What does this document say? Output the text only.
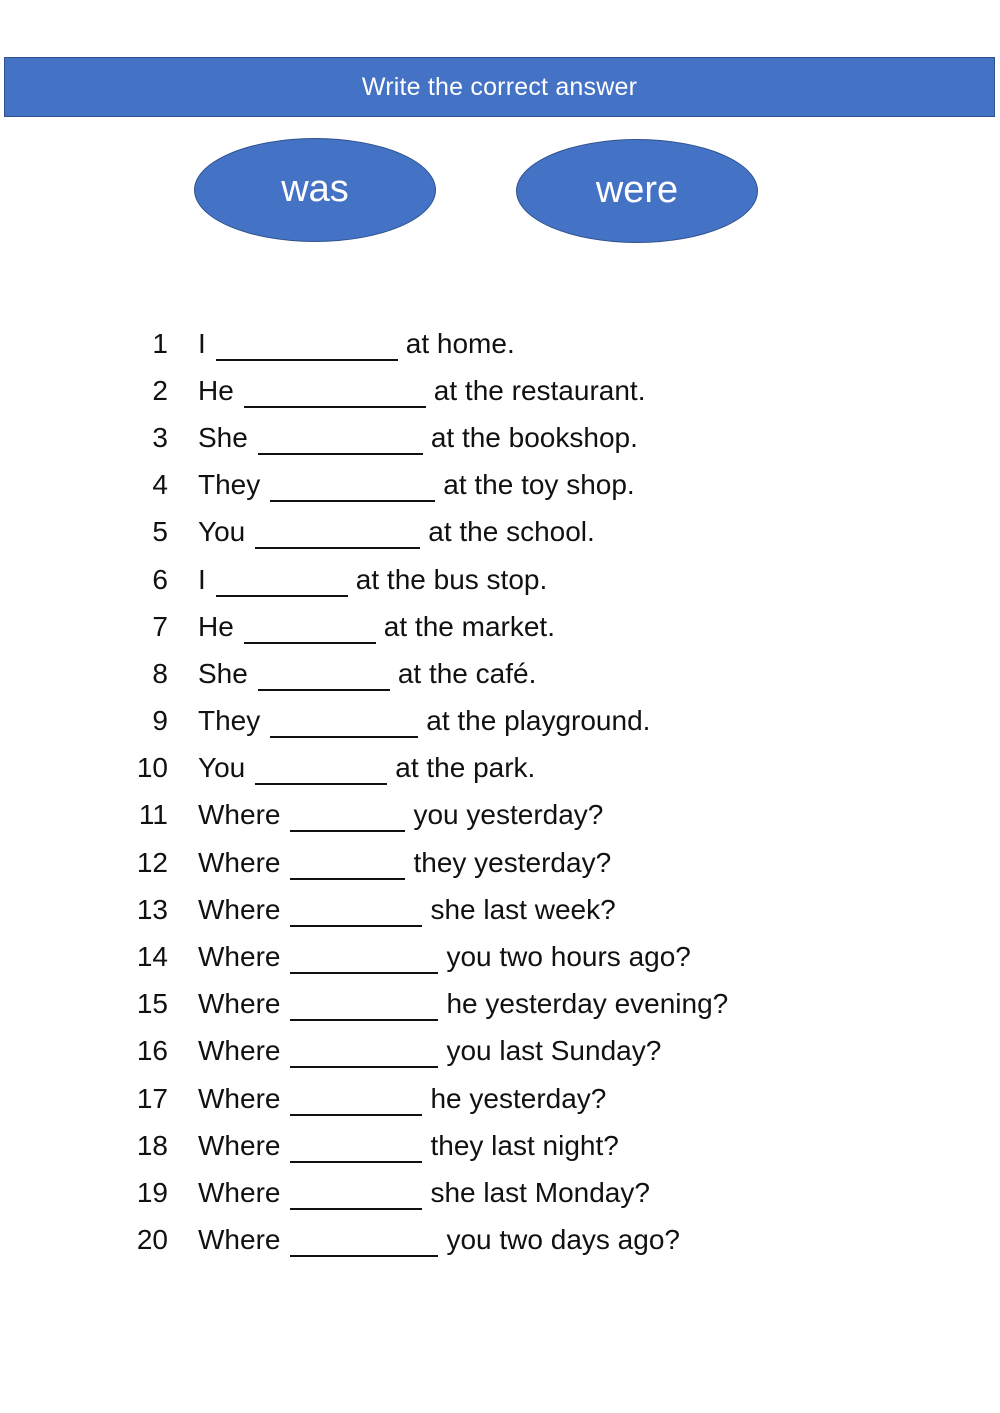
Write the correct answer
was	were
1 I	at home.
2 He	at the restaurant.
3 She	at the bookshop.
4 They	at the toy shop.
5 You	at the school.
6 I	at the bus stop.
7 He	at the market.
8 She	at the café.
9 They	at the playground.
10 You	at the park.
11 Where	you yesterday?
12 Where	they yesterday?
13 Where	she last week?
14 Where	you two hours ago?
15 Where	he yesterday evening?
16 Where	you last Sunday?
17 Where	he yesterday?
18 Where	they last night?
19 Where	she last Monday?
20 Where	you two days ago?
